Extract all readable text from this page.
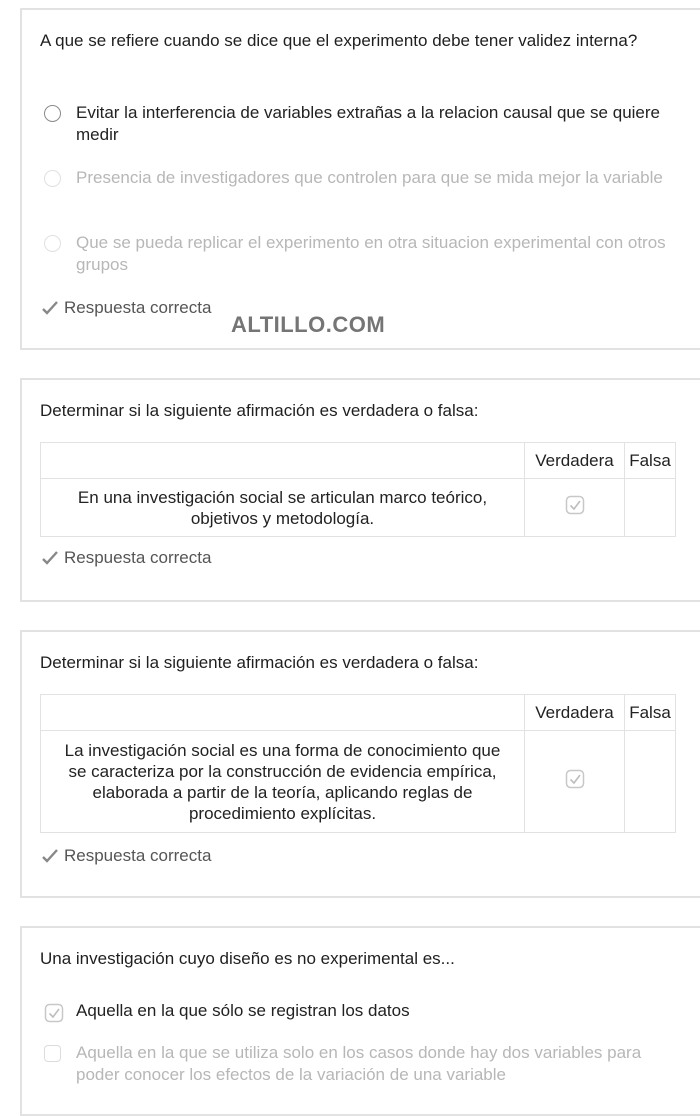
A que se refiere cuando se dice que el experimento debe tener validez interna?

Evitar la interferencia de variables extrañas a la relacion causal que se quiere medir
Presencia de investigadores que controlen para que se mida mejor la variable
Que se pueda replicar el experimento en otra situacion experimental con otros grupos
Respuesta correcta
ALTILLO.COM

Determinar si la siguiente afirmación es verdadera o falsa:

	Verdadera	Falsa
En una investigación social se articulan marco teórico, objetivos y metodología.		
Respuesta correcta

Determinar si la siguiente afirmación es verdadera o falsa:

	Verdadera	Falsa
La investigación social es una forma de conocimiento que se caracteriza por la construcción de evidencia empírica, elaborada a partir de la teoría, aplicando reglas de procedimiento explícitas.		
Respuesta correcta

Una investigación cuyo diseño es no experimental es...

Aquella en la que sólo se registran los datos
Aquella en la que se utiliza solo en los casos donde hay dos variables para poder conocer los efectos de la variación de una variable
